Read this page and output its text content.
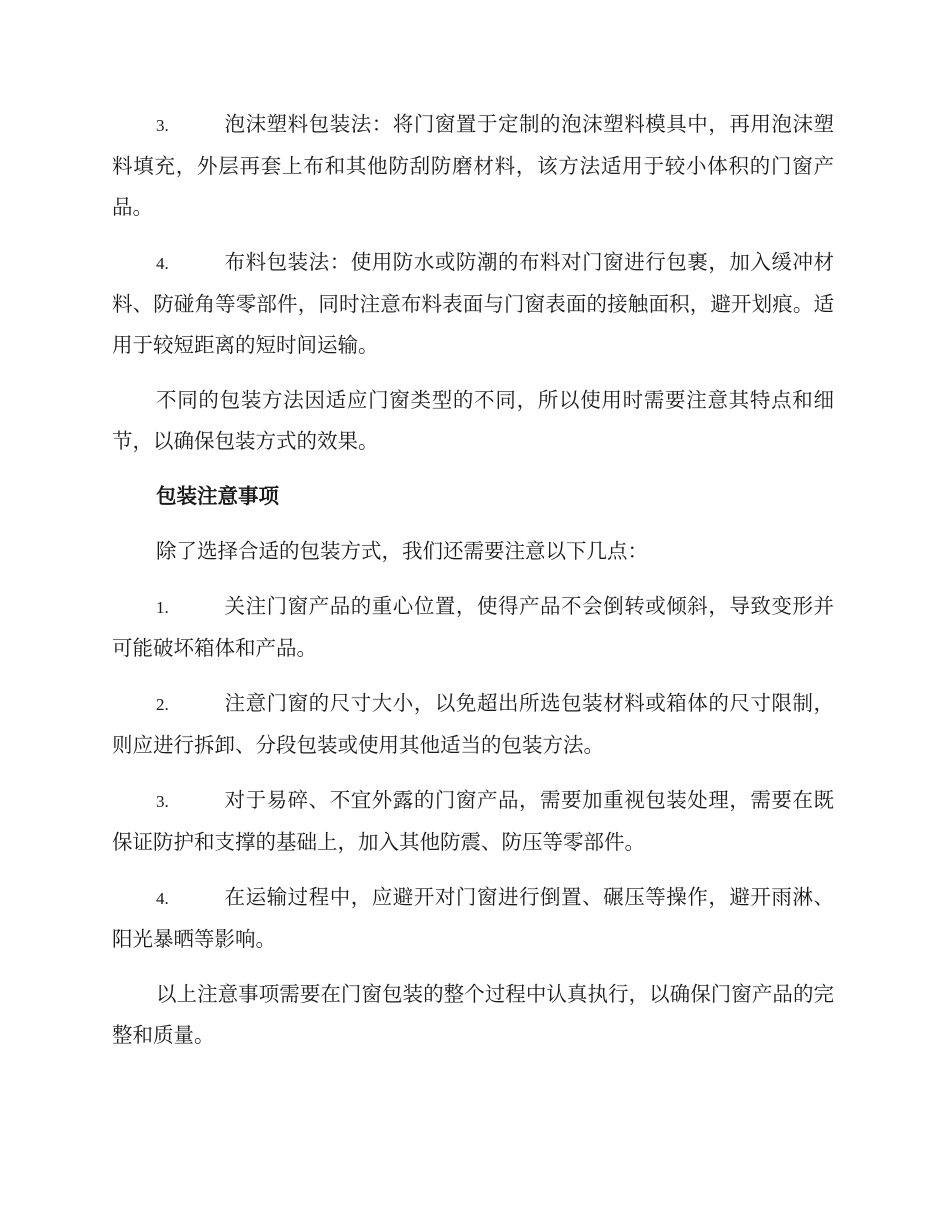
3.	泡沫塑料包装法：将门窗置于定制的泡沫塑料模具中，再用泡沫塑料填充，外层再套上布和其他防刮防磨材料，该方法适用于较小体积的门窗产品。

4.	布料包装法：使用防水或防潮的布料对门窗进行包裹，加入缓冲材料、防碰角等零部件，同时注意布料表面与门窗表面的接触面积，避开划痕。适用于较短距离的短时间运输。

不同的包装方法因适应门窗类型的不同，所以使用时需要注意其特点和细节，以确保包装方式的效果。

包装注意事项

除了选择合适的包装方式，我们还需要注意以下几点：

1.	关注门窗产品的重心位置，使得产品不会倒转或倾斜，导致变形并可能破坏箱体和产品。

2.	注意门窗的尺寸大小，以免超出所选包装材料或箱体的尺寸限制，则应进行拆卸、分段包装或使用其他适当的包装方法。

3.	对于易碎、不宜外露的门窗产品，需要加重视包装处理，需要在既保证防护和支撑的基础上，加入其他防震、防压等零部件。

4.	在运输过程中，应避开对门窗进行倒置、碾压等操作，避开雨淋、阳光暴晒等影响。

以上注意事项需要在门窗包装的整个过程中认真执行，以确保门窗产品的完整和质量。
